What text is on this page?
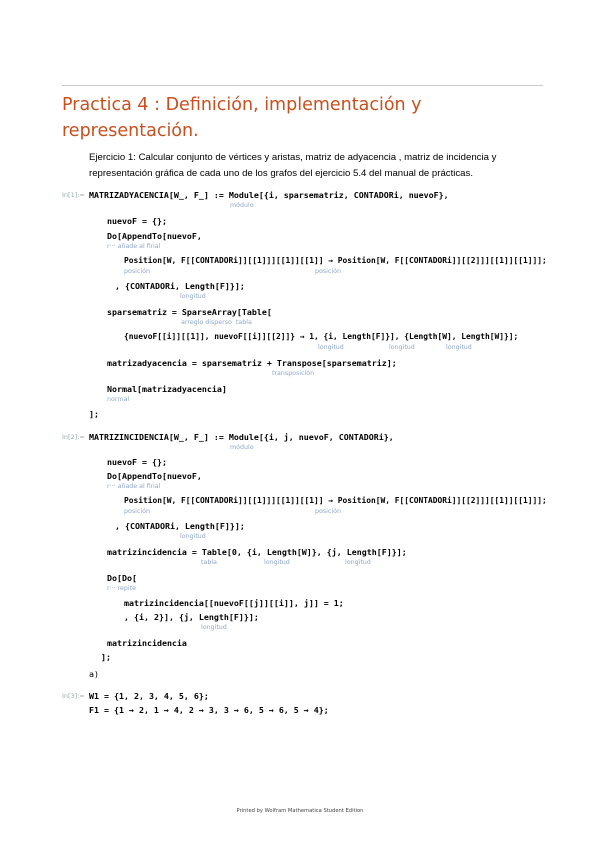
Practica 4 : Definición, implementación y representación.
Ejercicio 1: Calcular conjunto de vértices y aristas, matriz de adyacencia , matriz de incidencia y representación gráfica de cada uno de los grafos del ejercicio 5.4 del manual de prácticas.
In[1]:= MATRIZADYACENCIA[W_, F_] := Module[{i, sparsematriz, CONTADORi, nuevoF},
módulo
nuevoF = {};
Do[AppendTo[nuevoF,
r··· añade al final
Position[W, F[[CONTADORi]][[1]]][[1]][[1]] → Position[W, F[[CONTADORi]][[2]]][[1]][[1]]];
posición	posición
, {CONTADORi, Length[F]}];
longitud
sparsematriz = SparseArray[Table[
arreglo disperso  tabla
{nuevoF[[i]][[1]], nuevoF[[i]][[2]]} → 1, {i, Length[F]}], {Length[W], Length[W]}];
longitud	longitud	longitud
matrizadyacencia = sparsematriz + Transpose[sparsematriz];
transposición
Normal[matrizadyacencia]
normal
];
In[2]:= MATRIZINCIDENCIA[W_, F_] := Module[{i, j, nuevoF, CONTADORi},
módulo
nuevoF = {};
Do[AppendTo[nuevoF,
r··· añade al final
Position[W, F[[CONTADORi]][[1]]][[1]][[1]] → Position[W, F[[CONTADORi]][[2]]][[1]][[1]]];
posición	posición
, {CONTADORi, Length[F]}];
longitud
matrizincidencia = Table[0, {i, Length[W]}, {j, Length[F]}];
tabla	longitud	longitud
Do[Do[
r··· repite
matrizincidencia[[nuevoF[[j]][[i]], j]] = 1;
, {i, 2}], {j, Length[F]}];
longitud
matrizincidencia
];
a)
In[3]:= W1 = {1, 2, 3, 4, 5, 6};
F1 = {1 → 2, 1 → 4, 2 → 3, 3 → 6, 5 → 6, 5 → 4};
Printed by Wolfram Mathematica Student Edition
